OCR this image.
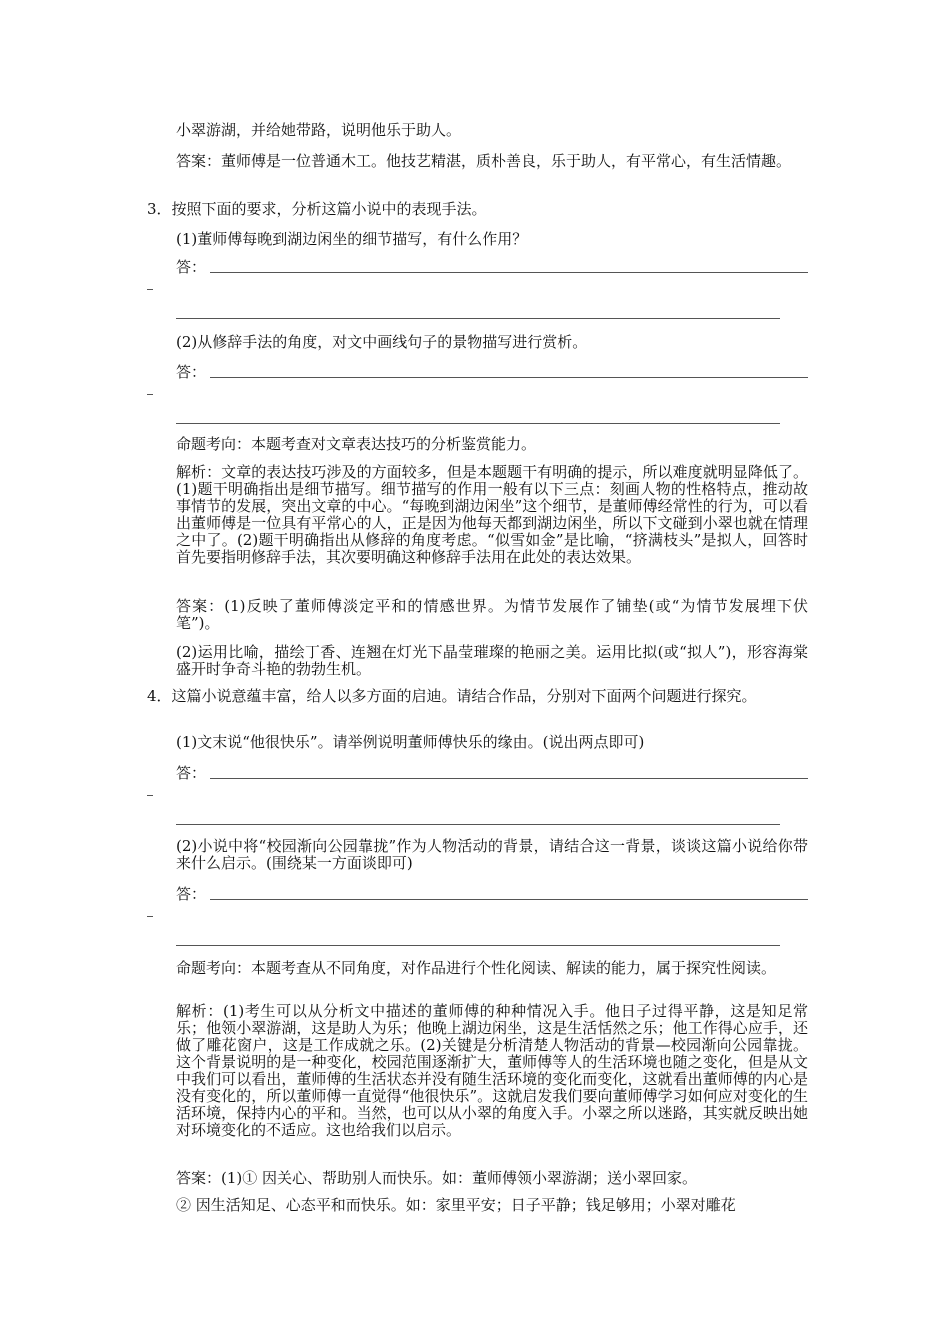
小翠游湖，并给她带路，说明他乐于助人。

答案：董师傅是一位普通木工。他技艺精湛，质朴善良，乐于助人，有平常心，有生活情趣。

3．按照下面的要求，分析这篇小说中的表现手法。

(1)董师傅每晚到湖边闲坐的细节描写，有什么作用？

答：

(2)从修辞手法的角度，对文中画线句子的景物描写进行赏析。

答：

命题考向：本题考查对文章表达技巧的分析鉴赏能力。

解析：文章的表达技巧涉及的方面较多，但是本题题干有明确的提示，所以难度就明显降低了。(1)题干明确指出是细节描写。细节描写的作用一般有以下三点：刻画人物的性格特点，推动故事情节的发展，突出文章的中心。“每晚到湖边闲坐”这个细节，是董师傅经常性的行为，可以看出董师傅是一位具有平常心的人，正是因为他每天都到湖边闲坐，所以下文碰到小翠也就在情理之中了。(2)题干明确指出从修辞的角度考虑。“似雪如金”是比喻，“挤满枝头”是拟人，回答时首先要指明修辞手法，其次要明确这种修辞手法用在此处的表达效果。

答案：(1)反映了董师傅淡定平和的情感世界。为情节发展作了铺垫(或“为情节发展埋下伏笔”)。

(2)运用比喻，描绘丁香、连翘在灯光下晶莹璀璨的艳丽之美。运用比拟(或“拟人”)，形容海棠盛开时争奇斗艳的勃勃生机。

4．这篇小说意蕴丰富，给人以多方面的启迪。请结合作品，分别对下面两个问题进行探究。

(1)文末说“他很快乐”。请举例说明董师傅快乐的缘由。(说出两点即可)

答：

(2)小说中将“校园渐向公园靠拢”作为人物活动的背景，请结合这一背景，谈谈这篇小说给你带来什么启示。(围绕某一方面谈即可)

答：

命题考向：本题考查从不同角度，对作品进行个性化阅读、解读的能力，属于探究性阅读。

解析：(1)考生可以从分析文中描述的董师傅的种种情况入手。他日子过得平静，这是知足常乐；他领小翠游湖，这是助人为乐；他晚上湖边闲坐，这是生活恬然之乐；他工作得心应手，还做了雕花窗户，这是工作成就之乐。(2)关键是分析清楚人物活动的背景—校园渐向公园靠拢。这个背景说明的是一种变化，校园范围逐渐扩大，董师傅等人的生活环境也随之变化，但是从文中我们可以看出，董师傅的生活状态并没有随生活环境的变化而变化，这就看出董师傅的内心是没有变化的，所以董师傅一直觉得“他很快乐”。这就启发我们要向董师傅学习如何应对变化的生活环境，保持内心的平和。当然，也可以从小翠的角度入手。小翠之所以迷路，其实就反映出她对环境变化的不适应。这也给我们以启示。

答案：(1)① 因关心、帮助别人而快乐。如：董师傅领小翠游湖；送小翠回家。

② 因生活知足、心态平和而快乐。如：家里平安；日子平静；钱足够用；小翠对雕花
